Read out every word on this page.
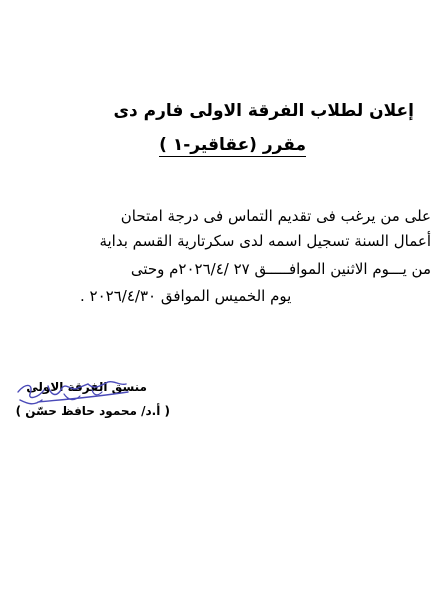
إعلان لطلاب الفرقة الاولى فارم دى
مقرر (عقاقير-١ )
على من يرغب فى تقديم التماس فى درجة امتحان
أعمال السنة تسجيل اسمه لدى سكرتارية القسم بداية
من يـــوم الاثنين الموافـــــق ٢٧ /٢٠٢٦/٤م وحتى
يوم الخميس الموافق ٢٠٢٦/٤/٣٠ .
منسق الفرقة الاولى
( أ.د/ محمود حافظ حسّن )
